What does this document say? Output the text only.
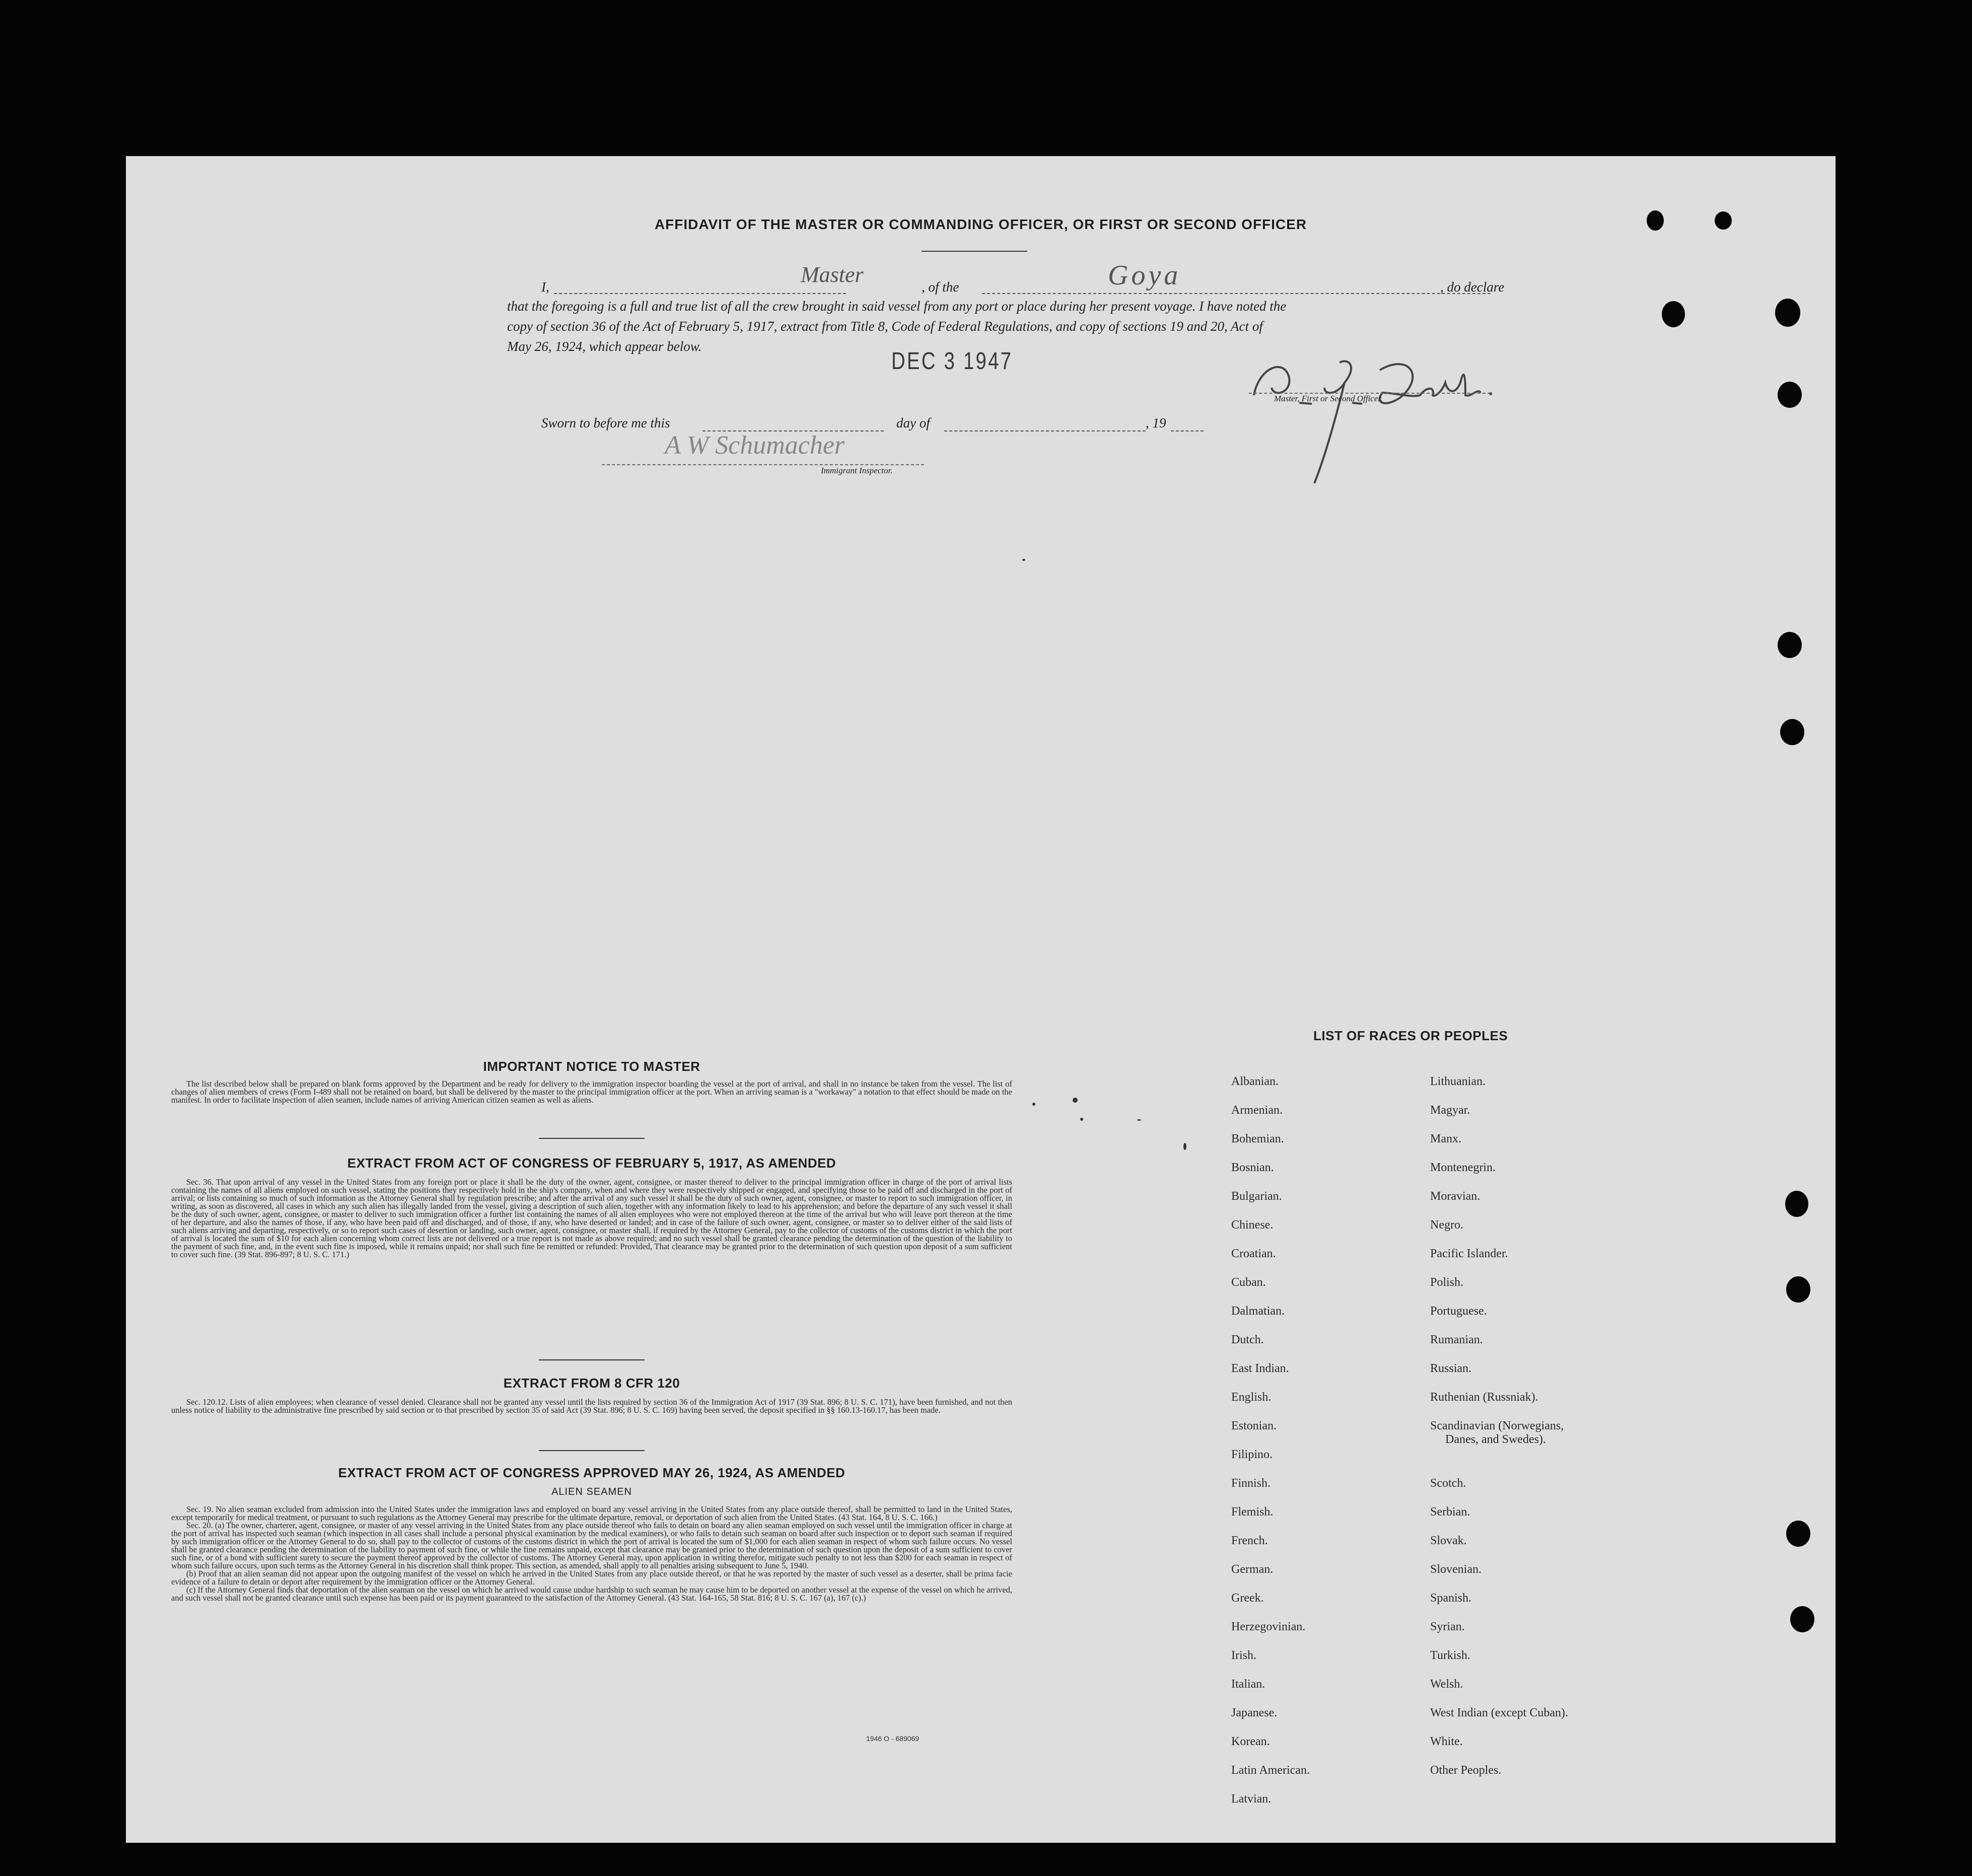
AFFIDAVIT OF THE MASTER OR COMMANDING OFFICER, OR FIRST OR SECOND OFFICER
I,	Master	, of the	Goya	, do declare
that the foregoing is a full and true list of all the crew brought in said vessel from any port or place during her present voyage. I have noted the
copy of section 36 of the Act of February 5, 1917, extract from Title 8, Code of Federal Regulations, and copy of sections 19 and 20, Act of
May 26, 1924, which appear below.
DEC 3 1947
Master, First or Second Officer.
Sworn to before me this	day of	, 19
A W Schumacher
Immigrant Inspector.
IMPORTANT NOTICE TO MASTER

The list described below shall be prepared on blank forms approved by the Department and be ready for delivery to the immigration inspector boarding the vessel at the port of arrival, and shall in no instance be taken from the vessel. The list of changes of alien members of crews (Form I-489 shall not be retained on board, but shall be delivered by the master to the principal immigration officer at the port. When an arriving seaman is a "workaway" a notation to that effect should be made on the manifest. In order to facilitate inspection of alien seamen, include names of arriving American citizen seamen as well as aliens.

EXTRACT FROM ACT OF CONGRESS OF FEBRUARY 5, 1917, AS AMENDED

Sec. 36. That upon arrival of any vessel in the United States from any foreign port or place it shall be the duty of the owner, agent, consignee, or master thereof to deliver to the principal immigration officer in charge of the port of arrival lists containing the names of all aliens employed on such vessel, stating the positions they respectively hold in the ship's company, when and where they were respectively shipped or engaged, and specifying those to be paid off and discharged in the port of arrival; or lists containing so much of such information as the Attorney General shall by regulation prescribe; and after the arrival of any such vessel it shall be the duty of such owner, agent, consignee, or master to report to such immigration officer, in writing, as soon as discovered, all cases in which any such alien has illegally landed from the vessel, giving a description of such alien, together with any information likely to lead to his apprehension; and before the departure of any such vessel it shall be the duty of such owner, agent, consignee, or master to deliver to such immigration officer a further list containing the names of all alien employees who were not employed thereon at the time of the arrival but who will leave port thereon at the time of her departure, and also the names of those, if any, who have been paid off and discharged, and of those, if any, who have deserted or landed; and in case of the failure of such owner, agent, consignee, or master so to deliver either of the said lists of such aliens arriving and departing, respectively, or so to report such cases of desertion or landing, such owner, agent, consignee, or master shall, if required by the Attorney General, pay to the collector of customs of the customs district in which the port of arrival is located the sum of $10 for each alien concerning whom correct lists are not delivered or a true report is not made as above required; and no such vessel shall be granted clearance pending the determination of the question of the liability to the payment of such fine, and, in the event such fine is imposed, while it remains unpaid; nor shall such fine be remitted or refunded: Provided, That clearance may be granted prior to the determination of such question upon deposit of a sum sufficient to cover such fine. (39 Stat. 896-897; 8 U. S. C. 171.)

EXTRACT FROM 8 CFR 120

Sec. 120.12. Lists of alien employees; when clearance of vessel denied. Clearance shall not be granted any vessel until the lists required by section 36 of the Immigration Act of 1917 (39 Stat. 896; 8 U. S. C. 171), have been furnished, and not then unless notice of liability to the administrative fine prescribed by said section or to that prescribed by section 35 of said Act (39 Stat. 896; 8 U. S. C. 169) having been served, the deposit specified in §§ 160.13-160.17, has been made.

EXTRACT FROM ACT OF CONGRESS APPROVED MAY 26, 1924, AS AMENDED
ALIEN SEAMEN

Sec. 19. No alien seaman excluded from admission into the United States under the immigration laws and employed on board any vessel arriving in the United States from any place outside thereof, shall be permitted to land in the United States, except temporarily for medical treatment, or pursuant to such regulations as the Attorney General may prescribe for the ultimate departure, removal, or deportation of such alien from the United States. (43 Stat. 164, 8 U. S. C. 166.)

Sec. 20. (a) The owner, charterer, agent, consignee, or master of any vessel arriving in the United States from any place outside thereof who fails to detain on board any alien seaman employed on such vessel until the immigration officer in charge at the port of arrival has inspected such seaman (which inspection in all cases shall include a personal physical examination by the medical examiners), or who fails to detain such seaman on board after such inspection or to deport such seaman if required by such immigration officer or the Attorney General to do so, shall pay to the collector of customs of the customs district in which the port of arrival is located the sum of $1,000 for each alien seaman in respect of whom such failure occurs. No vessel shall be granted clearance pending the determination of the liability to payment of such fine, or while the fine remains unpaid, except that clearance may be granted prior to the determination of such question upon the deposit of a sum sufficient to cover such fine, or of a bond with sufficient surety to secure the payment thereof approved by the collector of customs. The Attorney General may, upon application in writing therefor, mitigate such penalty to not less than $200 for each seaman in respect of whom such failure occurs, upon such terms as the Attorney General in his discretion shall think proper. This section, as amended, shall apply to all penalties arising subsequent to June 5, 1940.

(b) Proof that an alien seaman did not appear upon the outgoing manifest of the vessel on which he arrived in the United States from any place outside thereof, or that he was reported by the master of such vessel as a deserter, shall be prima facie evidence of a failure to detain or deport after requirement by the immigration officer or the Attorney General.

(c) If the Attorney General finds that deportation of the alien seaman on the vessel on which he arrived would cause undue hardship to such seaman he may cause him to be deported on another vessel at the expense of the vessel on which he arrived, and such vessel shall not be granted clearance until such expense has been paid or its payment guaranteed to the satisfaction of the Attorney General. (43 Stat. 164-165, 58 Stat. 816; 8 U. S. C. 167 (a), 167 (c).)

1946 O - 689069
LIST OF RACES OR PEOPLES
Albanian.
Armenian.
Bohemian.
Bosnian.
Bulgarian.
Chinese.
Croatian.
Cuban.
Dalmatian.
Dutch.
East Indian.
English.
Estonian.
Filipino.
Finnish.
Flemish.
French.
German.
Greek.
Herzegovinian.
Irish.
Italian.
Japanese.
Korean.
Latin American.
Latvian.
Lithuanian.
Magyar.
Manx.
Montenegrin.
Moravian.
Negro.
Pacific Islander.
Polish.
Portuguese.
Rumanian.
Russian.
Ruthenian (Russniak).
Scandinavian (Norwegians,
Danes, and Swedes).
Scotch.
Serbian.
Slovak.
Slovenian.
Spanish.
Syrian.
Turkish.
Welsh.
West Indian (except Cuban).
White.
Other Peoples.
